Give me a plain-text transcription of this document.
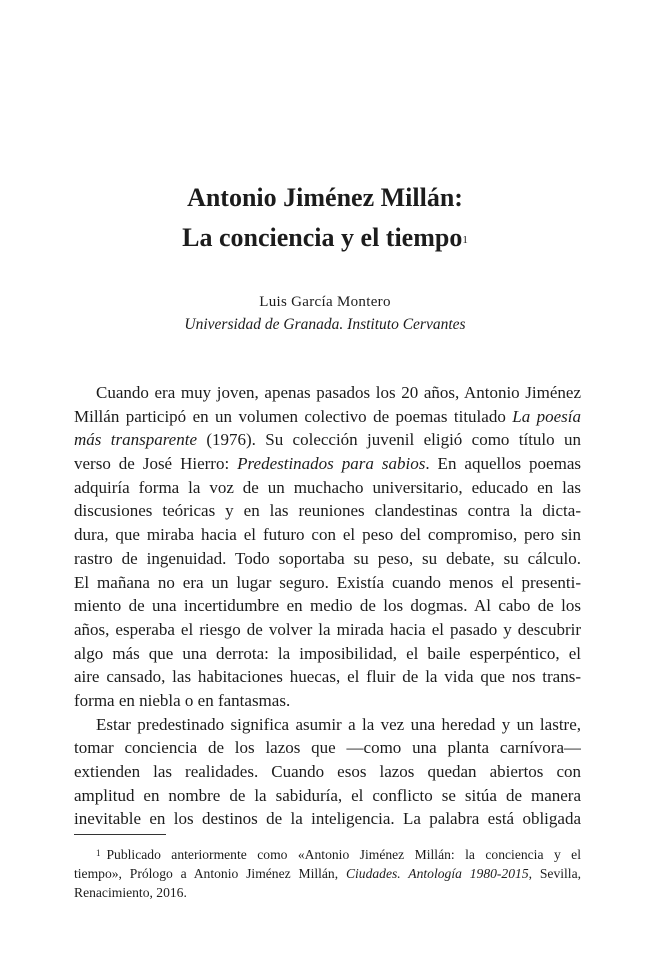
Antonio Jiménez Millán:
La conciencia y el tiempo$^1$
Luis García Montero
Universidad de Granada. Instituto Cervantes
Cuando era muy joven, apenas pasados los 20 años, Antonio Jiménez
Millán participó en un volumen colectivo de poemas titulado La poesía
más transparente (1976). Su colección juvenil eligió como título un
verso de José Hierro: Predestinados para sabios. En aquellos poemas
adquiría forma la voz de un muchacho universitario, educado en las
discusiones teóricas y en las reuniones clandestinas contra la dicta-
dura, que miraba hacia el futuro con el peso del compromiso, pero sin
rastro de ingenuidad. Todo soportaba su peso, su debate, su cálculo.
El mañana no era un lugar seguro. Existía cuando menos el presenti-
miento de una incertidumbre en medio de los dogmas. Al cabo de los
años, esperaba el riesgo de volver la mirada hacia el pasado y descubrir
algo más que una derrota: la imposibilidad, el baile esperpéntico, el
aire cansado, las habitaciones huecas, el fluir de la vida que nos trans-
forma en niebla o en fantasmas.
Estar predestinado significa asumir a la vez una heredad y un lastre,
tomar conciencia de los lazos que —como una planta carnívora—
extienden las realidades. Cuando esos lazos quedan abiertos con
amplitud en nombre de la sabiduría, el conflicto se sitúa de manera
inevitable en los destinos de la inteligencia. La palabra está obligada
$^1$ Publicado anteriormente como «Antonio Jiménez Millán: la conciencia y el
tiempo», Prólogo a Antonio Jiménez Millán, Ciudades. Antología 1980-2015, Sevilla,
Renacimiento, 2016.
